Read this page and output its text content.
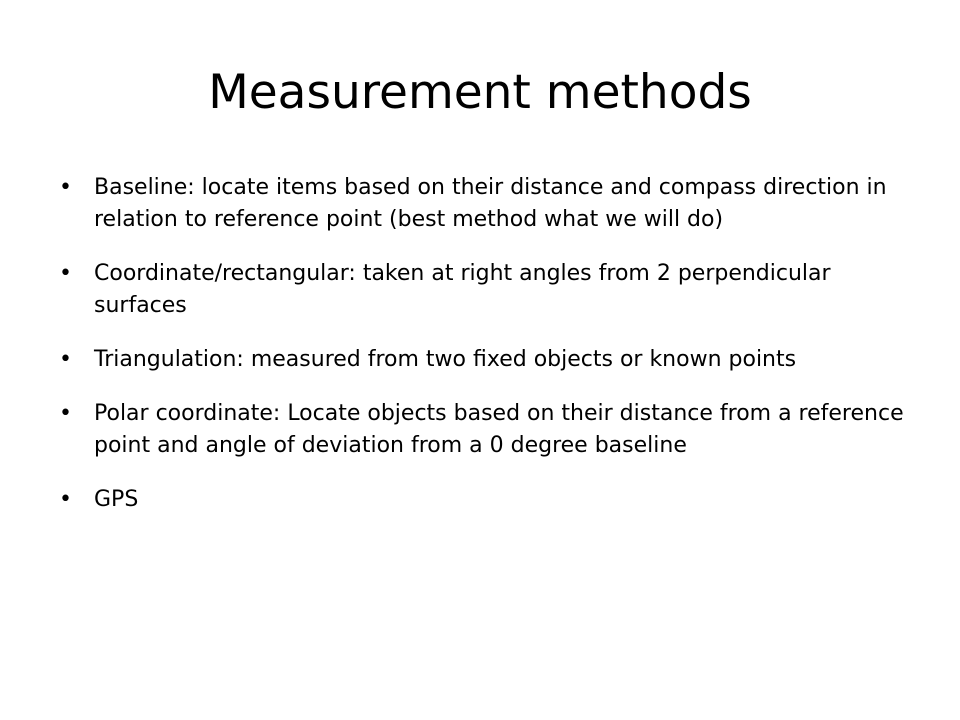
Measurement methods
• Baseline: locate items based on their distance and compass direction in relation to reference point (best method what we will do)
• Coordinate/rectangular: taken at right angles from 2 perpendicular surfaces
• Triangulation: measured from two fixed objects or known points
• Polar coordinate: Locate objects based on their distance from a reference point and angle of deviation from a 0 degree baseline
• GPS
